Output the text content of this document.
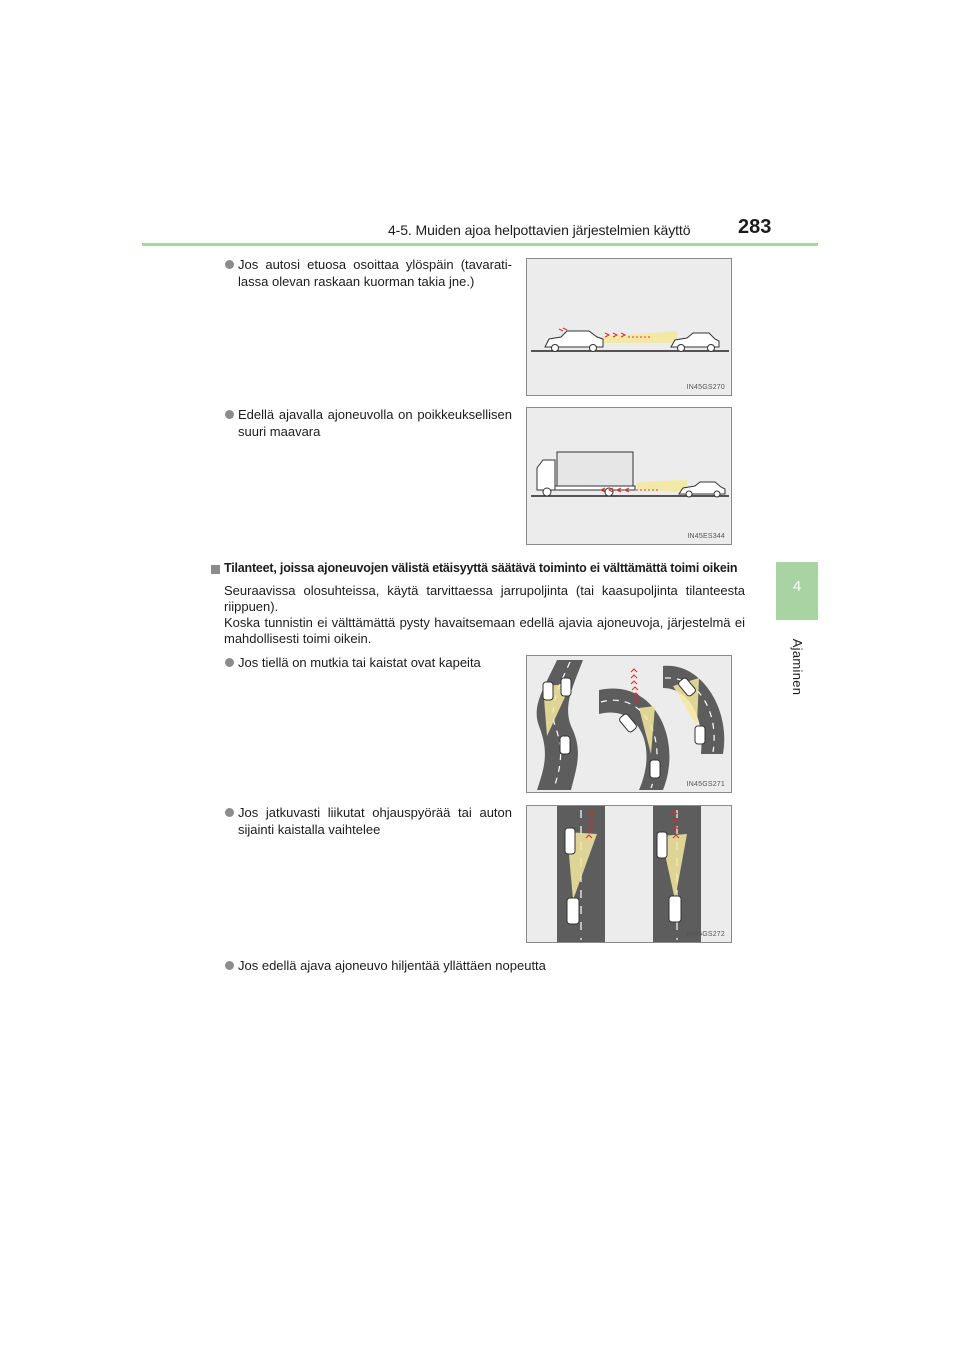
4-5. Muiden ajoa helpottavien järjestelmien käyttö 283
4
Ajaminen
Jos autosi etuosa osoittaa ylöspäin (tavarati-lassa olevan raskaan kuorman takia jne.)
IN45GS270
Edellä ajavalla ajoneuvolla on poikkeuksellisen suuri maavara
IN45ES344
Tilanteet, joissa ajoneuvojen välistä etäisyyttä säätävä toiminto ei välttämättä toimi oikein
Seuraavissa olosuhteissa, käytä tarvittaessa jarrupoljinta (tai kaasupoljinta tilanteesta riippuen).
Koska tunnistin ei välttämättä pysty havaitsemaan edellä ajavia ajoneuvoja, järjestelmä ei mahdollisesti toimi oikein.
Jos tiellä on mutkia tai kaistat ovat kapeita
IN45GS271
Jos jatkuvasti liikutat ohjauspyörää tai auton sijainti kaistalla vaihtelee
IN45GS272
Jos edellä ajava ajoneuvo hiljentää yllättäen nopeutta
